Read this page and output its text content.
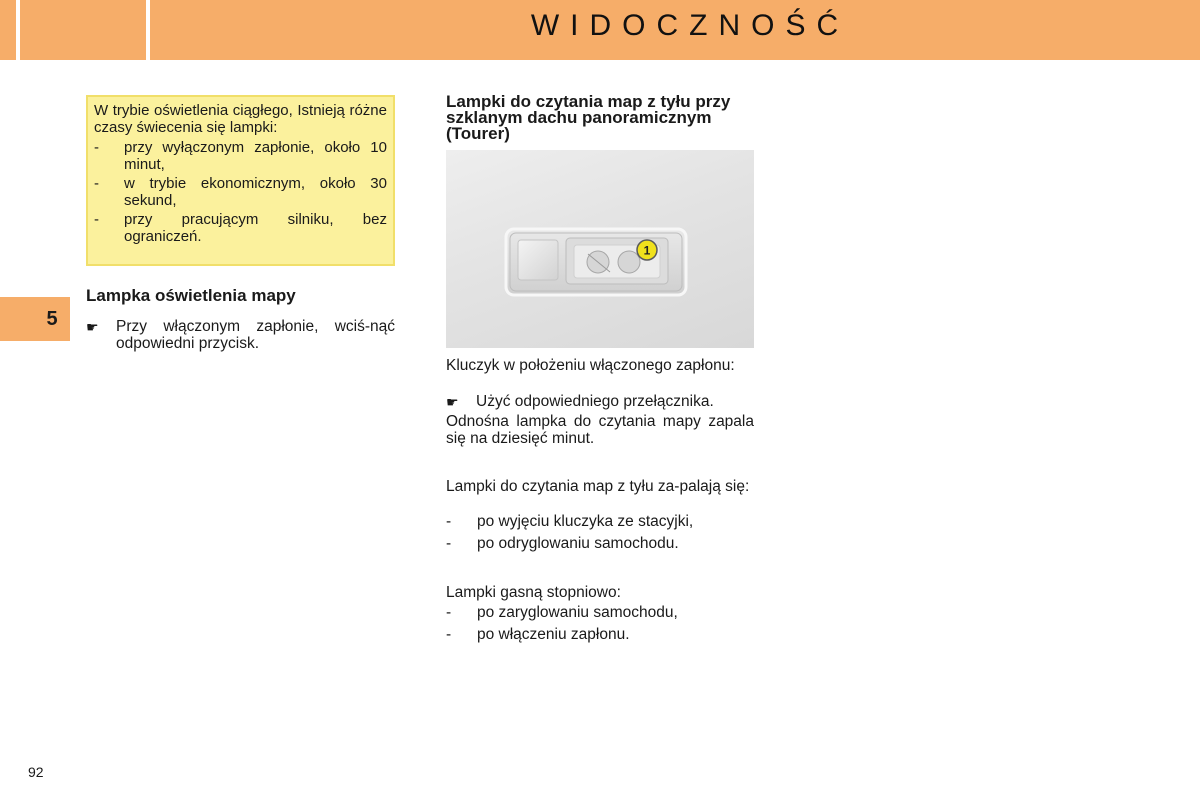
WIDOCZNOŚĆ
5
W trybie oświetlenia ciągłego, Istnieją różne czasy świecenia się lampki:
-	przy wyłączonym zapłonie, około 10 minut,
-	w trybie ekonomicznym, około 30 sekund,
-	przy pracującym silniku, bez ograniczeń.
Lampka oświetlenia mapy
☛	Przy włączonym zapłonie, wciś-nąć odpowiedni przycisk.
Lampki do czytania map z tyłu przy szklanym dachu panoramicznym (Tourer)
1
Kluczyk w położeniu włączonego zapłonu:
☛	Użyć odpowiedniego przełącznika.
Odnośna lampka do czytania mapy zapala się na dziesięć minut.
Lampki do czytania map z tyłu za-palają się:
-	po wyjęciu kluczyka ze stacyjki,
-	po odryglowaniu samochodu.
Lampki gasną stopniowo:
-	po zaryglowaniu samochodu,
-	po włączeniu zapłonu.
92
